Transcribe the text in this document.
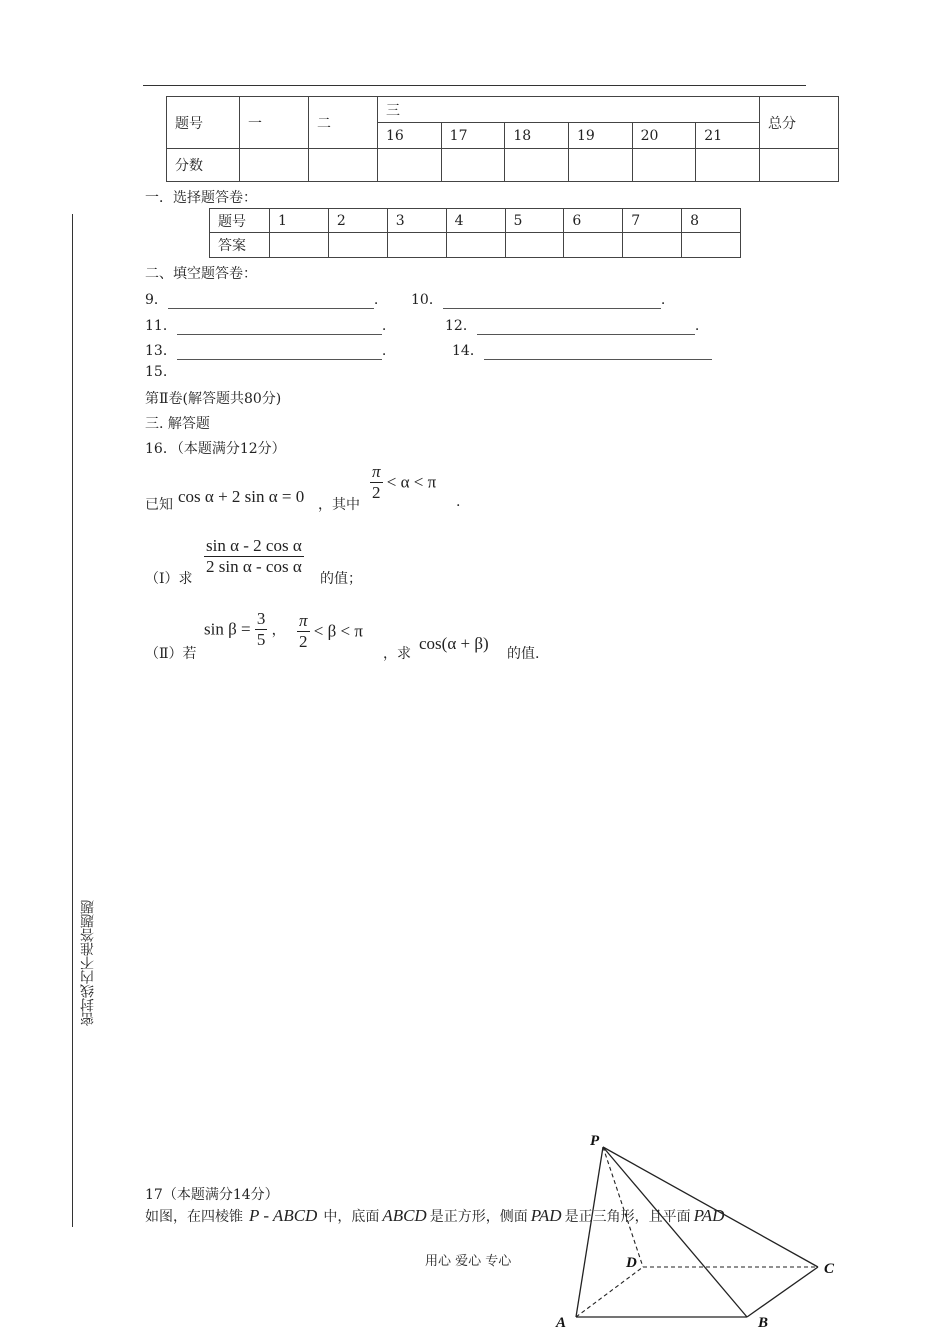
题号	一	二	三						总分
			16	17	18	19	20	21	
分数									
一．选择题答卷：
题号	1	2	3	4	5	6	7	8
答案								
二、填空题答卷：
9．	. 10．	.
11．	.	12．	.
13．	.	14．
15.
第Ⅱ卷(解答题共80分)
三. 解答题
16．（本题满分12分）
已知 cos α + 2 sin α = 0 ，其中
$\frac{\pi}{2} < \alpha < \pi$
.
（Ⅰ）求
$\frac{\text{sin α - 2 cos α}}{\text{2 sin α - cos α}}$
的值；
（Ⅱ）若
$\sin \beta = \frac{3}{5}$ ， $\frac{\pi}{2} < \beta < \pi$
，求
cos(α + β)
的值.
密封线内不准答题题
17（本题满分14分）
如图，在四棱锥 P - ABCD 中，底面 ABCD 是正方形，侧面 PAD 是正三角形，且平面 PAD
P
A	B
C
D
用心 爱心 专心
